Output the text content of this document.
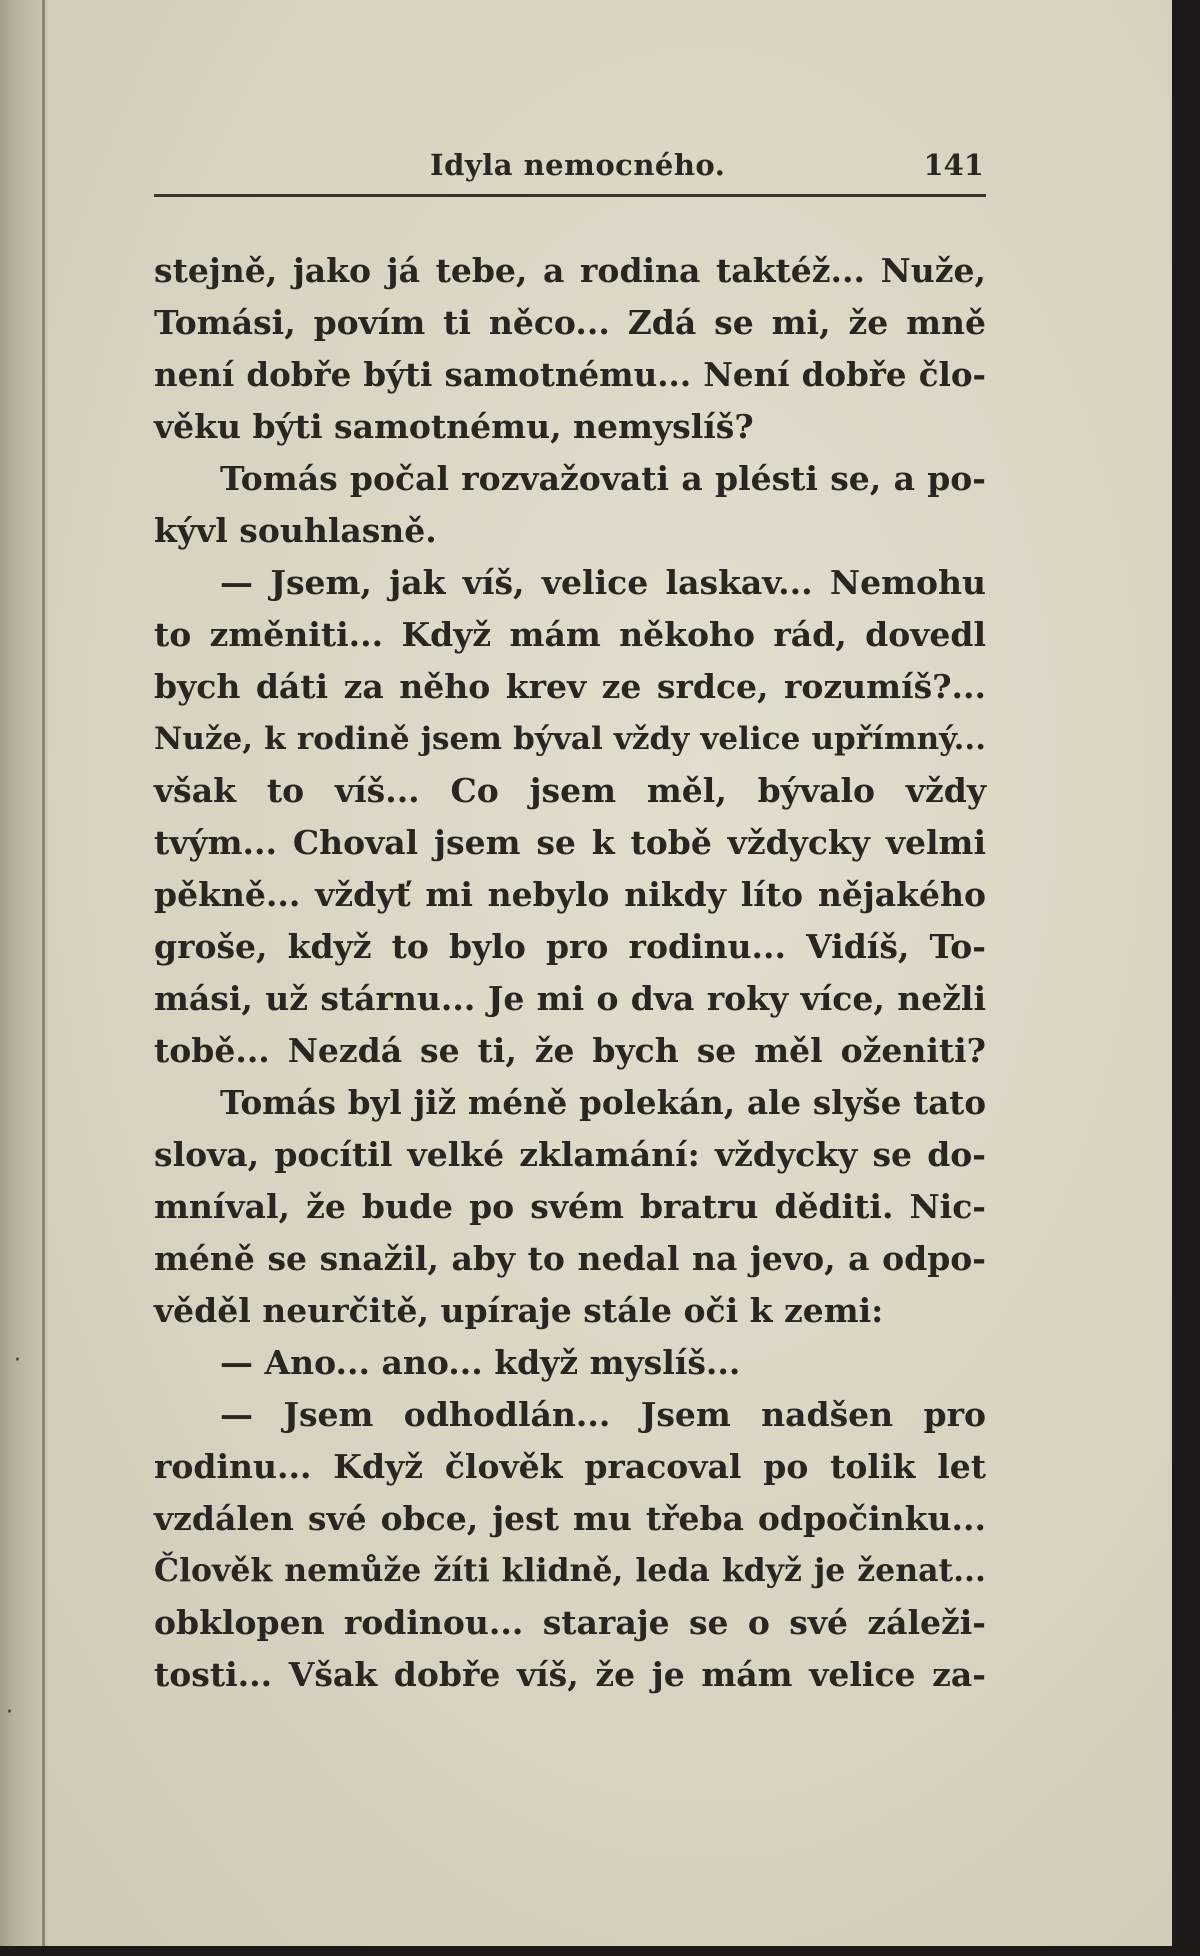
·
·
Idyla nemocného.	141
stejně, jako já tebe, a rodina taktéž... Nuže,
Tomási, povím ti něco... Zdá se mi, že mně
není dobře býti samotnému... Není dobře člo-
věku býti samotnému, nemyslíš?
Tomás počal rozvažovati a plésti se, a po-
kývl souhlasně.
— Jsem, jak víš, velice laskav... Nemohu
to změniti... Když mám někoho rád, dovedl
bych dáti za něho krev ze srdce, rozumíš?...
Nuže, k rodině jsem býval vždy velice upřímný...
však to víš... Co jsem měl, bývalo vždy
tvým... Choval jsem se k tobě vždycky velmi
pěkně... vždyť mi nebylo nikdy líto nějakého
groše, když to bylo pro rodinu... Vidíš, To-
mási, už stárnu... Je mi o dva roky více, nežli
tobě... Nezdá se ti, že bych se měl oženiti?
Tomás byl již méně polekán, ale slyše tato
slova, pocítil velké zklamání: vždycky se do-
mníval, že bude po svém bratru děditi. Nic-
méně se snažil, aby to nedal na jevo, a odpo-
věděl neurčitě, upíraje stále oči k zemi:
— Ano... ano... když myslíš...
— Jsem odhodlán... Jsem nadšen pro
rodinu... Když člověk pracoval po tolik let
vzdálen své obce, jest mu třeba odpočinku...
Člověk nemůže žíti klidně, leda když je ženat...
obklopen rodinou... staraje se o své záleži-
tosti... Však dobře víš, že je mám velice za-
